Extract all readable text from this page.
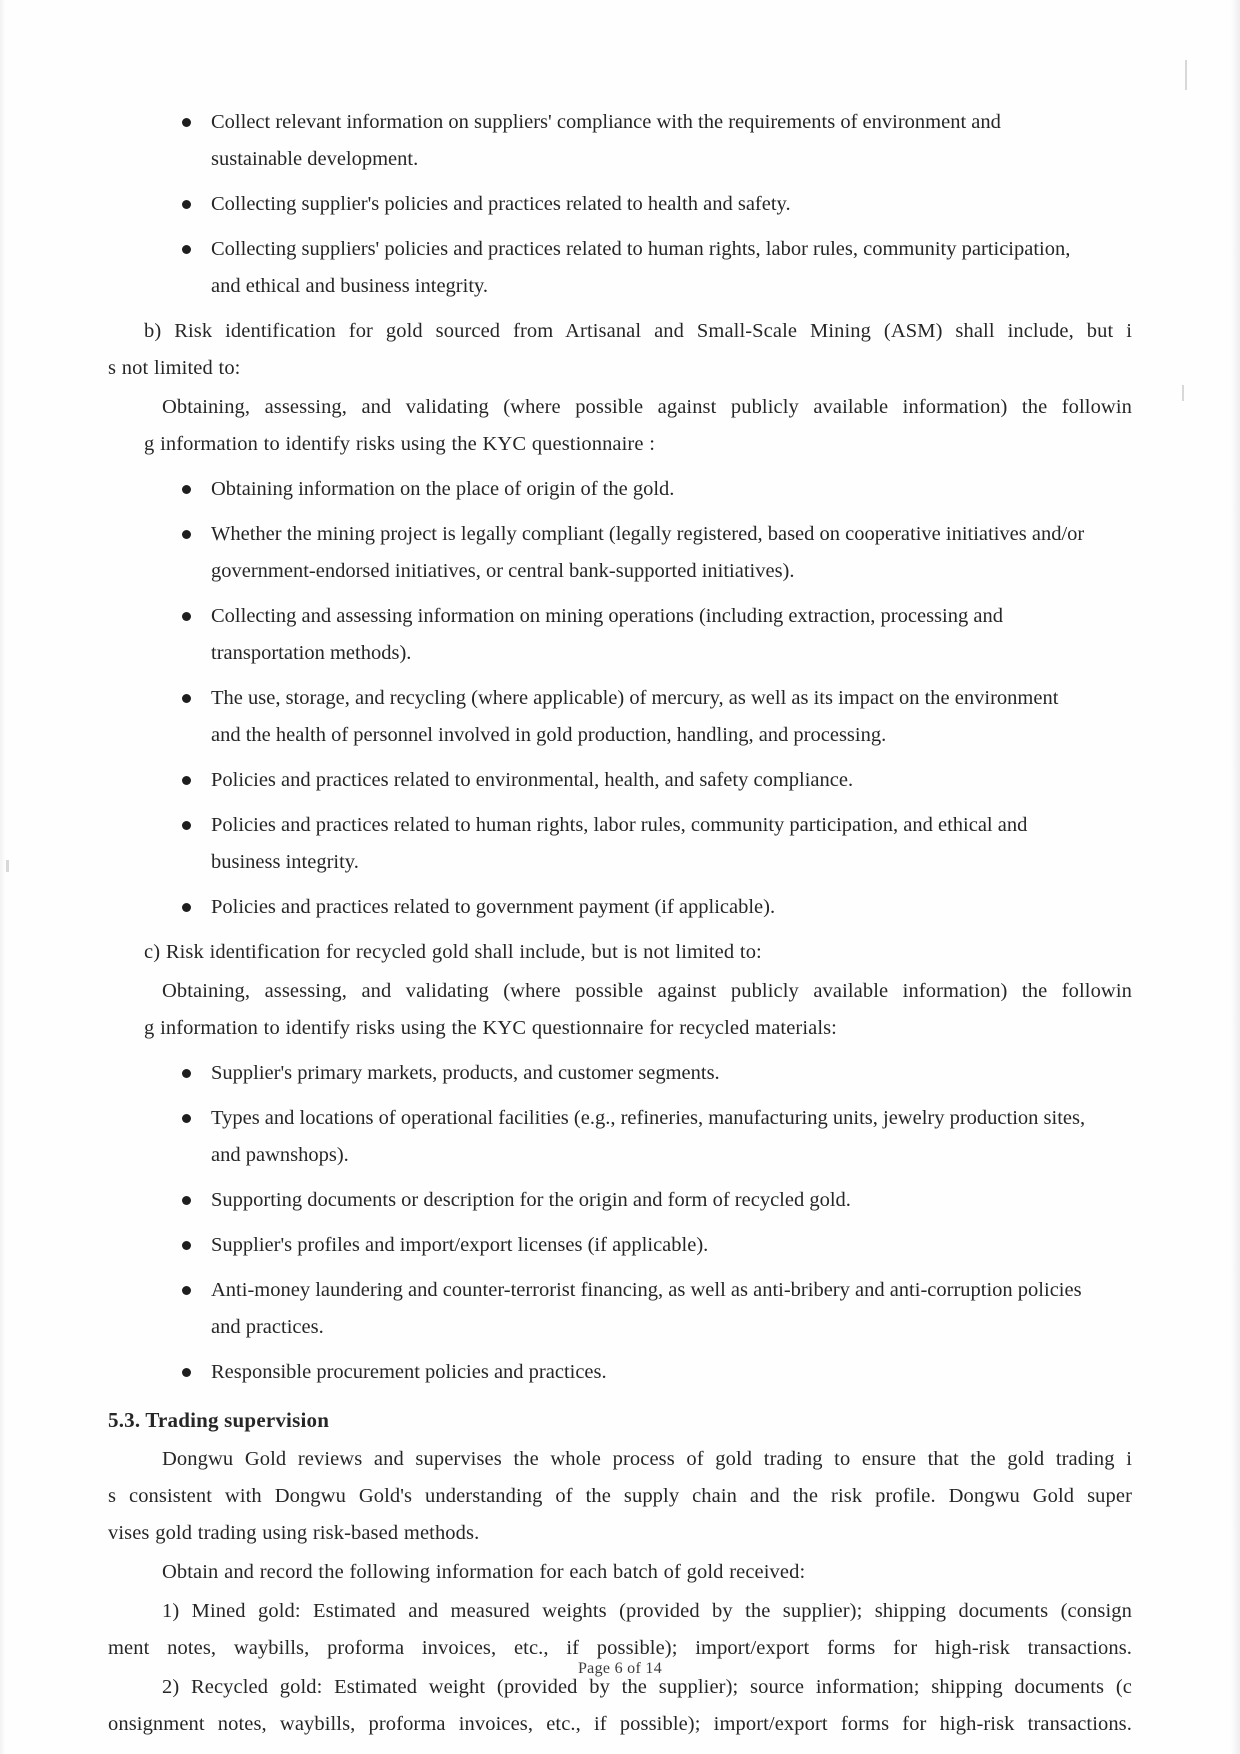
Collect relevant information on suppliers' compliance with the requirements of environment and
sustainable development.
Collecting supplier's policies and practices related to health and safety.
Collecting suppliers' policies and practices related to human rights, labor rules, community participation,
and ethical and business integrity.
b) Risk identification for gold sourced from Artisanal and Small-Scale Mining (ASM) shall include, but i
s not limited to:
Obtaining, assessing, and validating (where possible against publicly available information) the followin
g information to identify risks using the KYC questionnaire :
Obtaining information on the place of origin of the gold.
Whether the mining project is legally compliant (legally registered, based on cooperative initiatives and/or
government-endorsed initiatives, or central bank-supported initiatives).
Collecting and assessing information on mining operations (including extraction, processing and
transportation methods).
The use, storage, and recycling (where applicable) of mercury, as well as its impact on the environment
and the health of personnel involved in gold production, handling, and processing.
Policies and practices related to environmental, health, and safety compliance.
Policies and practices related to human rights, labor rules, community participation, and ethical and
business integrity.
Policies and practices related to government payment (if applicable).
c) Risk identification for recycled gold shall include, but is not limited to:
Obtaining, assessing, and validating (where possible against publicly available information) the followin
g information to identify risks using the KYC questionnaire for recycled materials:
Supplier's primary markets, products, and customer segments.
Types and locations of operational facilities (e.g., refineries, manufacturing units, jewelry production sites,
and pawnshops).
Supporting documents or description for the origin and form of recycled gold.
Supplier's profiles and import/export licenses (if applicable).
Anti-money laundering and counter-terrorist financing, as well as anti-bribery and anti-corruption policies
and practices.
Responsible procurement policies and practices.
5.3. Trading supervision
Dongwu Gold reviews and supervises the whole process of gold trading to ensure that the gold trading i
s consistent with Dongwu Gold's understanding of the supply chain and the risk profile. Dongwu Gold super
vises gold trading using risk-based methods.
Obtain and record the following information for each batch of gold received:
1) Mined gold: Estimated and measured weights (provided by the supplier); shipping documents (consign
ment notes, waybills, proforma invoices, etc., if possible); import/export forms for high-risk transactions.
2) Recycled gold: Estimated weight (provided by the supplier); source information; shipping documents (c
onsignment notes, waybills, proforma invoices, etc., if possible); import/export forms for high-risk transactions.
Page 6 of 14
